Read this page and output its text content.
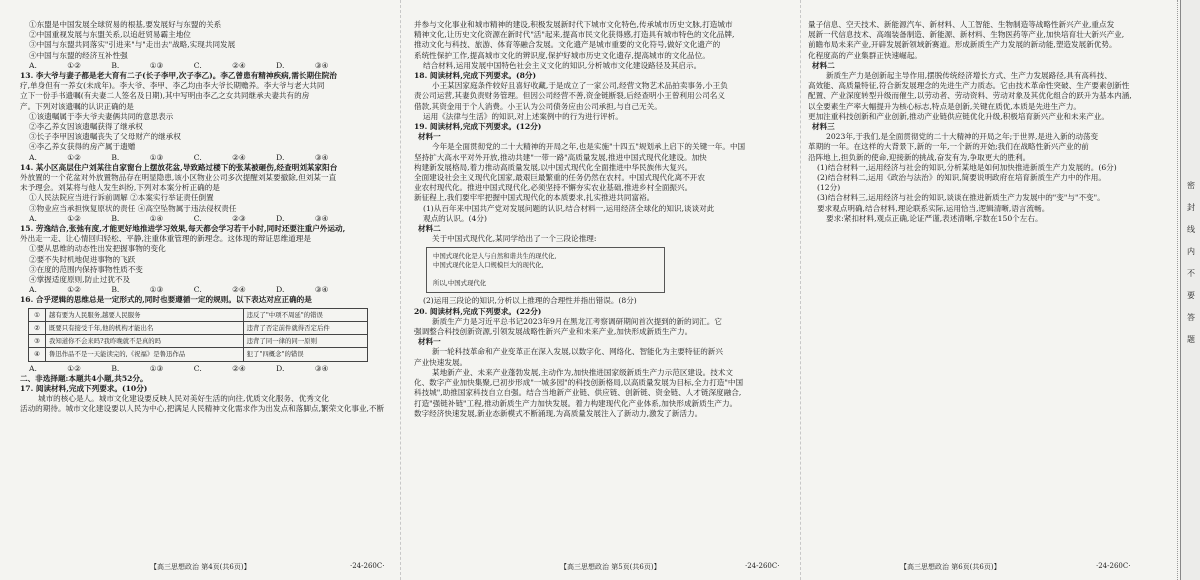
①东盟是中国发展全球贸易的根基,要发展好与东盟的关系

②中国重视发展与东盟关系,以追赶贸易霸主地位

③中国与东盟共同落实"引进来"与"走出去"战略,实现共同发展

④中国与东盟的经济互补性强

A. ①② B. ①③ C. ②④ D. ③④

13. 李大爷与妻子都是老大育有二子(长子李甲,次子李乙)。李乙曾患有精神疾病,需长期住院治

疗,单身但有一养女(未成年)。李大爷、李甲、李乙均由李大爷长期赡养。李大爷与老大共同

立下一份手书遗嘱(有夫妻二人签名及日期),其中写明由李乙之女共同继承夫妻共有的房

产。下列对该遗嘱的认识正确的是

①该遗嘱属于李大爷夫妻俩共同的意思表示

②李乙养女因该遗嘱获得了继承权

③长子李甲因该遗嘱丧失了父母财产的继承权

④李乙养女获得的房产属于遗赠

A. ①② B. ①③ C. ②④ D. ③④

14. 某小区高层住户刘某往自家窗台上摆放花盆,导致路过楼下的张某被砸伤,经查明刘某家阳台

外放置的一个花盆对外放置物品存在明显隐患,该小区物业公司多次提醒刘某要撤除,但刘某一直

未予理会。刘某将与他人发生纠纷,下列对本案分析正确的是

①人民法院应当进行诉前调解 ②本案实行举证责任倒置

③物业应当承担恢复原状的责任 ④高空坠物属于违法侵权责任

A. ①② B. ①④ C. ②③ D. ③④

15. 劳逸结合,张弛有度,才能更好地推进学习效果,每天都会学习若干小时,同时还要注重户外运动,

外出走一走、让心情回归轻松、平静,注重体重管理的新理念。这体现的辩证思维道理是

①要从思维的动态性出发把握事物的变化

②要不失时机地促进事物的飞跃

③在度的范围内保持事物性质不变

④掌握适度原则,防止过犹不及

A. ①② B. ①③ C. ②④ D. ③④

16. 合乎逻辑的思维总是一定形式的,同时也要遵循一定的规则。以下表达对应正确的是

①	越有要为人民服务,越要人民服务	违反了"中项不周延"的错误
②	既要只有接受千年,他的机构才能出名	违背了否定前件就得否定后件
③	我知道你不会来吗?我昨晚就不是真的吗	违背了同一律的同一原则
④	鲁迅作品不是一天能读完的,《祝福》是鲁迅作品	犯了"四概念"的错误

A. ①② B. ①③ C. ②④ D. ③④

二、非选择题:本题共4小题,共52分。

17. 阅读材料,完成下列要求。(10分)

城市的核心是人。城市文化建设要反映人民对美好生活的向往,优质文化服务、优秀文化

活动的期待。城市文化建设要以人民为中心,把满足人民精神文化需求作为出发点和落脚点,繁荣文化事业,不断

并参与文化事业和城市精神的建设,积极发展新时代下城市文化特色,传承城市历史文脉,打造城市

精神文化,让历史文化资源在新时代"活"起来,提高市民文化获得感,打造具有城市特色的文化品牌,

推动文化与科技、旅游、体育等融合发展。文化遗产是城市重要的文化符号,做好文化遗产的

系统性保护工作,提高城市文化的辨识度,保护好城市历史文化遗存,提高城市的文化品位。

结合材料,运用发展中国特色社会主义文化的知识,分析城市文化建设路径及其启示。

18. 阅读材料,完成下列要求。(8分)

小王某因家庭条件较好且喜好收藏,于是成立了一家公司,经营文物艺术品拍卖事务,小王负

责公司运营,其妻负责财务管理。但因公司经营不善,资金链断裂,后经查明小王曾利用公司名义

借款,其资金用于个人消费。小王认为公司债务应由公司承担,与自己无关。

运用《法律与生活》的知识,对上述案例中的行为进行评析。

19. 阅读材料,完成下列要求。(12分)

材料一

今年是全面贯彻党的二十大精神的开局之年,也是实施"十四五"规划承上启下的关键一年。中国

坚持扩大高水平对外开放,推动共建"一带一路"高质量发展,推进中国式现代化建设。加快

构建新发展格局,着力推动高质量发展,以中国式现代化全面推进中华民族伟大复兴。

全面建设社会主义现代化国家,最艰巨最繁重的任务仍然在农村。中国式现代化离不开农

业农村现代化。推进中国式现代化,必须坚持不懈夯实农业基础,推进乡村全面振兴。

新征程上,我们要牢牢把握中国式现代化的本质要求,扎实推进共同富裕。

(1)从百年来中国共产党对发展问题的认识,结合材料一,运用经济全球化的知识,谈谈对此

观点的认识。(4分)

材料二

关于中国式现代化,某同学给出了一个三段论推理:

中国式现代化是人与自然和谐共生的现代化,
中国式现代化是人口规模巨大的现代化,
所以,中国式现代化

(2)运用三段论的知识,分析以上推理的合理性并指出错误。(8分)

20. 阅读材料,完成下列要求。(22分)

新质生产力是习近平总书记2023年9月在黑龙江考察调研期间首次提到的新的词汇。它

强调整合科技创新资源,引领发展战略性新兴产业和未来产业,加快形成新质生产力。

材料一

新一轮科技革命和产业变革正在深入发展,以数字化、网络化、智能化为主要特征的新兴

产业快速发展。

某地新产业、未来产业蓬勃发展,主动作为,加快推进国家级新质生产力示范区建设。技术文

化、数字产业加快集聚,已初步形成"一城多园"的科技创新格局,以高质量发展为目标,全力打造"中国

科技城",助推国家科技自立自强。结合当地新产业链、供应链、创新链、资金链、人才链深度融合,

打造"强链补链"工程,推动新质生产力加快发展。着力构建现代化产业体系,加快形成新质生产力。

数字经济快速发展,新业态新模式不断涌现,为高质量发展注入了新动力,激发了新活力。

量子信息、空天技术、新能源汽车、新材料、人工智能、生物制造等战略性新兴产业,重点发

展新一代信息技术、高端装备制造、新能源、新材料、生物医药等产业,加快培育壮大新兴产业,

前瞻布局未来产业,开辟发展新领域新赛道。形成新质生产力发展的新动能,塑造发展新优势。

化程度高的产业集群正快速崛起。

材料二

新质生产力是创新起主导作用,摆脱传统经济增长方式、生产力发展路径,具有高科技、

高效能、高质量特征,符合新发展理念的先进生产力质态。它由技术革命性突破、生产要素创新性

配置、产业深度转型升级而催生,以劳动者、劳动资料、劳动对象及其优化组合的跃升为基本内涵,

以全要素生产率大幅提升为核心标志,特点是创新,关键在质优,本质是先进生产力。

更加注重科技创新和产业创新,推动产业链供应链优化升级,积极培育新兴产业和未来产业。

材料三

2023年,于我们,是全面贯彻党的二十大精神的开局之年;于世界,是进入新的动荡变

革期的一年。在这样的大背景下,新的一年,一个新的开始;我们在战略性新兴产业的前

沿阵地上,担负新的使命,迎接新的挑战,奋发有为,争取更大的胜利。

(1)结合材料一,运用经济与社会的知识,分析某地是如何加快推进新质生产力发展的。(6分)

(2)结合材料二,运用《政治与法治》的知识,简要说明政府在培育新质生产力中的作用。

(12分)

(3)结合材料三,运用经济与社会的知识,谈谈在推进新质生产力发展中的"变"与"不变"。

要求观点明确,结合材料,理论联系实际,运用恰当,逻辑清晰,语言流畅。

要求:紧扣材料,观点正确,论证严谨,表述清晰,字数在150个左右。

【高三思想政治 第4页(共6页)】	·24-260C·	【高三思想政治 第5页(共6页)】	·24-260C·	【高三思想政治 第6页(共6页)】	·24-260C·
密封线内不要答题
